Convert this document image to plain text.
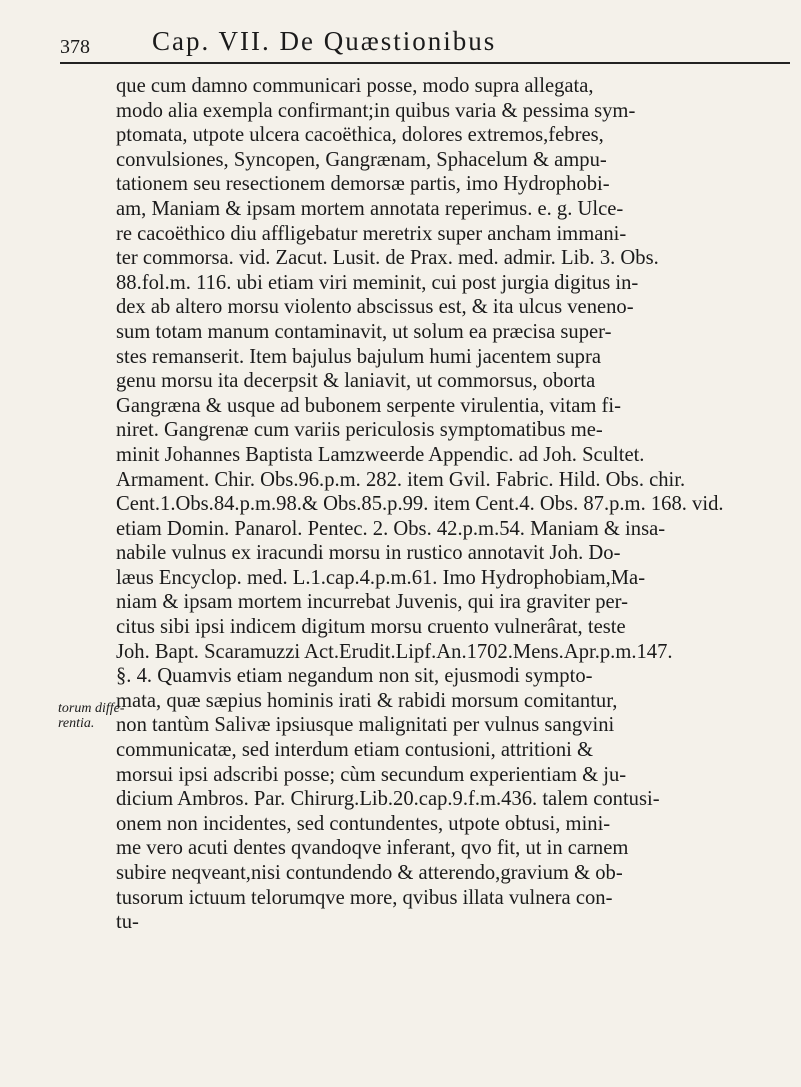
378 Cap. VII. De Quæstionibus
torum diffe-
rentia.
que cum damno communicari posse, modo supra allegata,
modo alia exempla confirmant;in quibus varia & pessima sym-
ptomata, utpote ulcera cacoëthica, dolores extremos,febres,
convulsiones, Syncopen, Gangrænam, Sphacelum & ampu-
tationem seu resectionem demorsæ partis, imo Hydrophobi-
am, Maniam & ipsam mortem annotata reperimus. e. g. Ulce-
re cacoëthico diu affligebatur meretrix super ancham immani-
ter commorsa. vid. Zacut. Lusit. de Prax. med. admir. Lib. 3. Obs.
88.fol.m. 116. ubi etiam viri meminit, cui post jurgia digitus in-
dex ab altero morsu violento abscissus est, & ita ulcus veneno-
sum totam manum contaminavit, ut solum ea præcisa super-
stes remanserit. Item bajulus bajulum humi jacentem supra
genu morsu ita decerpsit & laniavit, ut commorsus, oborta
Gangræna & usque ad bubonem serpente virulentia, vitam fi-
niret. Gangrenæ cum variis periculosis symptomatibus me-
minit Johannes Baptista Lamzweerde Appendic. ad Joh. Scultet.
Armament. Chir. Obs.96.p.m. 282. item Gvil. Fabric. Hild. Obs. chir.
Cent.1.Obs.84.p.m.98.& Obs.85.p.99. item Cent.4. Obs. 87.p.m. 168. vid.
etiam Domin. Panarol. Pentec. 2. Obs. 42.p.m.54. Maniam & insa-
nabile vulnus ex iracundi morsu in rustico annotavit Joh. Do-
læus Encyclop. med. L.1.cap.4.p.m.61. Imo Hydrophobiam,Ma-
niam & ipsam mortem incurrebat Juvenis, qui ira graviter per-
citus sibi ipsi indicem digitum morsu cruento vulnerârat, teste
Joh. Bapt. Scaramuzzi Act.Erudit.Lipf.An.1702.Mens.Apr.p.m.147.
§. 4. Quamvis etiam negandum non sit, ejusmodi sympto-
mata, quæ sæpius hominis irati & rabidi morsum comitantur,
non tantùm Salivæ ipsiusque malignitati per vulnus sangvini
communicatæ, sed interdum etiam contusioni, attritioni &
morsui ipsi adscribi posse; cùm secundum experientiam & ju-
dicium Ambros. Par. Chirurg.Lib.20.cap.9.f.m.436. talem contusi-
onem non incidentes, sed contundentes, utpote obtusi, mini-
me vero acuti dentes qvandoqve inferant, qvo fit, ut in carnem
subire neqveant,nisi contundendo & atterendo,gravium & ob-
tusorum ictuum telorumqve more, qvibus illata vulnera con-
tu-
